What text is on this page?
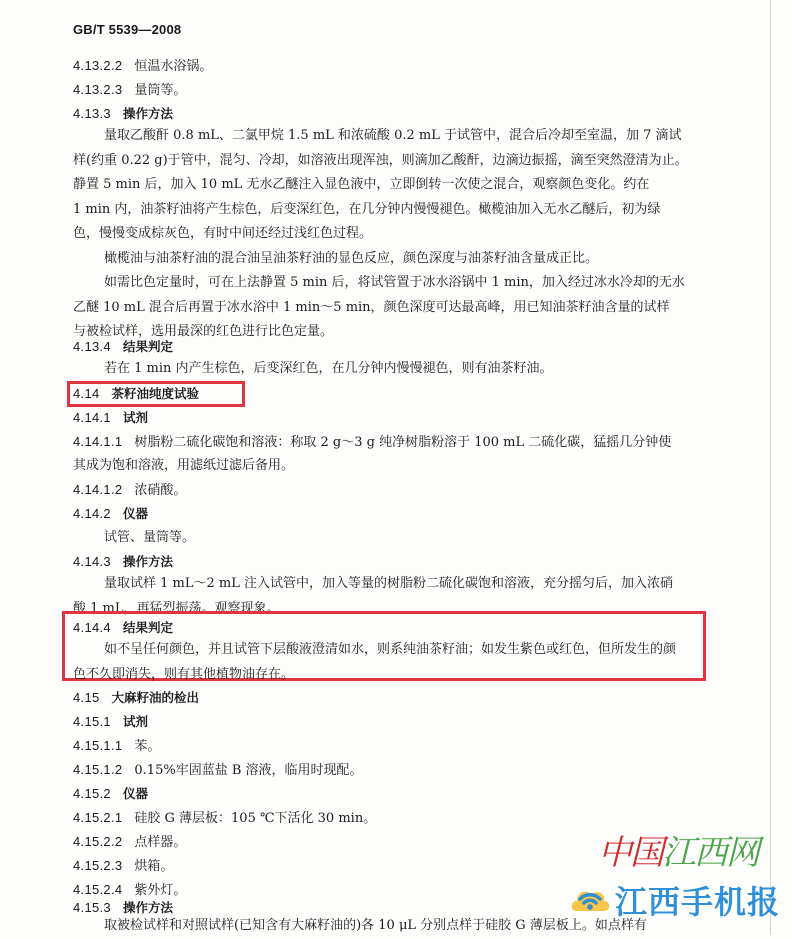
GB/T 5539—2008
4.13.2.2 恒温水浴锅。
4.13.2.3 量筒等。
4.13.3 操作方法
量取乙酸酐 0.8 mL、二氯甲烷 1.5 mL 和浓硫酸 0.2 mL 于试管中，混合后冷却至室温，加 7 滴试
样(约重 0.22 g)于管中，混匀、冷却，如溶液出现浑浊，则滴加乙酸酐，边滴边振摇，滴至突然澄清为止。
静置 5 min 后，加入 10 mL 无水乙醚注入显色液中，立即倒转一次使之混合，观察颜色变化。约在
1 min 内，油茶籽油将产生棕色，后变深红色，在几分钟内慢慢褪色。橄榄油加入无水乙醚后，初为绿
色，慢慢变成棕灰色，有时中间还经过浅红色过程。
橄榄油与油茶籽油的混合油呈油茶籽油的显色反应，颜色深度与油茶籽油含量成正比。
如需比色定量时，可在上法静置 5 min 后，将试管置于冰水浴锅中 1 min，加入经过冰水冷却的无水
乙醚 10 mL 混合后再置于冰水浴中 1 min～5 min，颜色深度可达最高峰，用已知油茶籽油含量的试样
与被检试样，选用最深的红色进行比色定量。
4.13.4 结果判定
若在 1 min 内产生棕色，后变深红色，在几分钟内慢慢褪色，则有油茶籽油。
4.14 茶籽油纯度试验
4.14.1 试剂
4.14.1.1 树脂粉二硫化碳饱和溶液：称取 2 g～3 g 纯净树脂粉溶于 100 mL 二硫化碳，猛摇几分钟使
其成为饱和溶液，用滤纸过滤后备用。
4.14.1.2 浓硝酸。
4.14.2 仪器
试管、量筒等。
4.14.3 操作方法
量取试样 1 mL～2 mL 注入试管中，加入等量的树脂粉二硫化碳饱和溶液，充分摇匀后，加入浓硝
酸 1 mL，再猛烈振荡。观察现象。
4.14.4 结果判定
如不呈任何颜色，并且试管下层酸液澄清如水，则系纯油茶籽油；如发生紫色或红色，但所发生的颜
色不久即消失，则有其他植物油存在。
4.15 大麻籽油的检出
4.15.1 试剂
4.15.1.1 苯。
4.15.1.2 0.15%牢固蓝盐 B 溶液，临用时现配。
4.15.2 仪器
4.15.2.1 硅胶 G 薄层板：105 ℃下活化 30 min。
4.15.2.2 点样器。
4.15.2.3 烘箱。
4.15.2.4 紫外灯。
4.15.3 操作方法
取被检试样和对照试样(已知含有大麻籽油的)各 10 μL 分别点样于硅胶 G 薄层板上。如点样有
中国江西网
江西手机报
